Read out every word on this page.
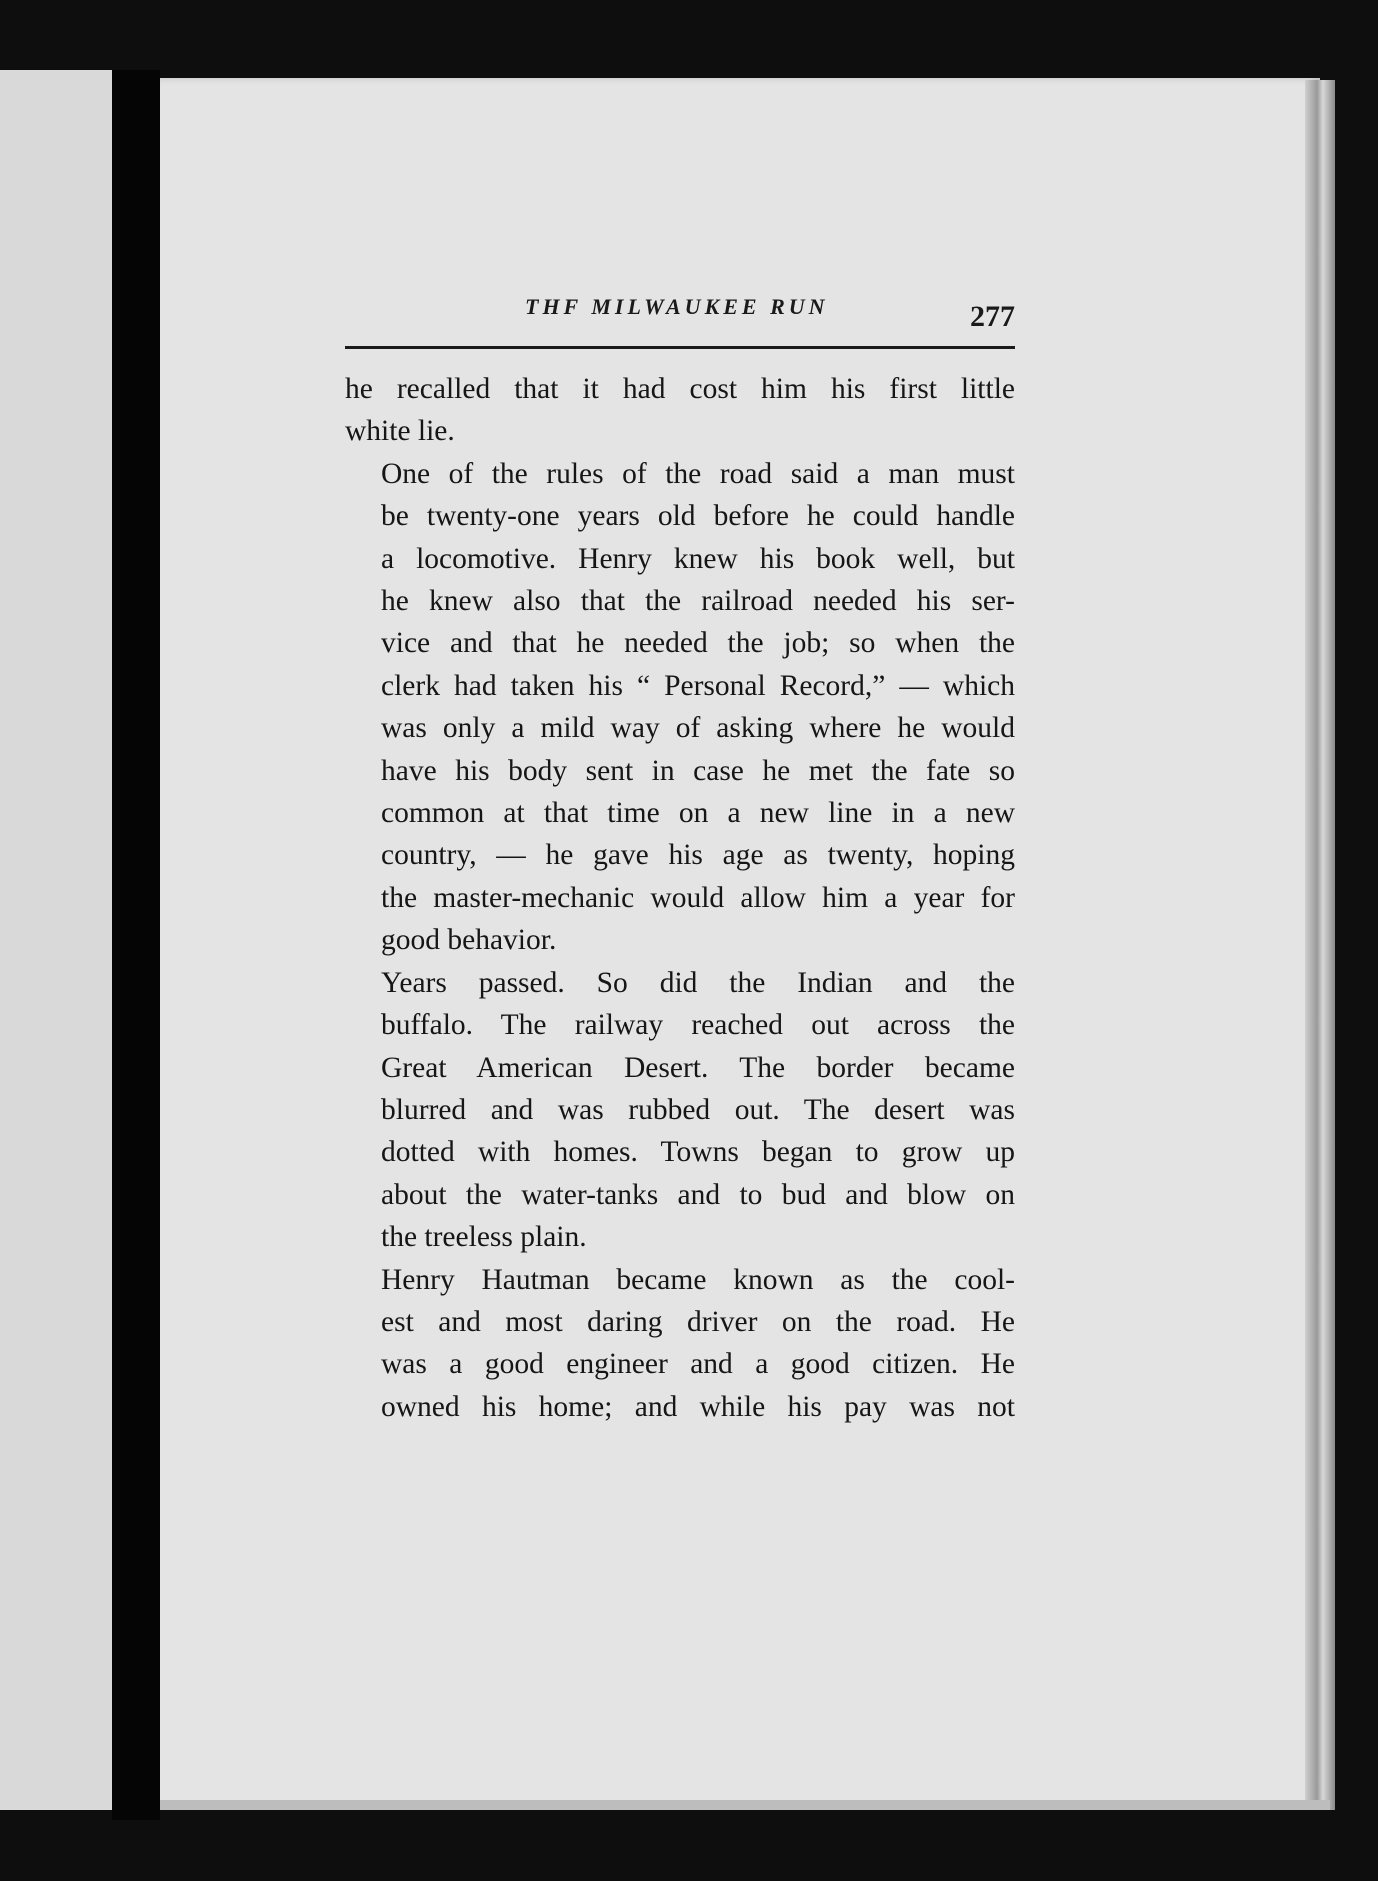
THF MILWAUKEE RUN	277

he recalled that it had cost him his first little
white lie.

One of the rules of the road said a man must
be twenty-one years old before he could handle
a locomotive. Henry knew his book well, but
he knew also that the railroad needed his ser-
vice and that he needed the job; so when the
clerk had taken his “ Personal Record,” — which
was only a mild way of asking where he would
have his body sent in case he met the fate so
common at that time on a new line in a new
country, — he gave his age as twenty, hoping
the master-mechanic would allow him a year for
good behavior.

Years passed. So did the Indian and the
buffalo. The railway reached out across the
Great American Desert. The border became
blurred and was rubbed out. The desert was
dotted with homes. Towns began to grow up
about the water-tanks and to bud and blow on
the treeless plain.

Henry Hautman became known as the cool-
est and most daring driver on the road. He
was a good engineer and a good citizen. He
owned his home; and while his pay was not
